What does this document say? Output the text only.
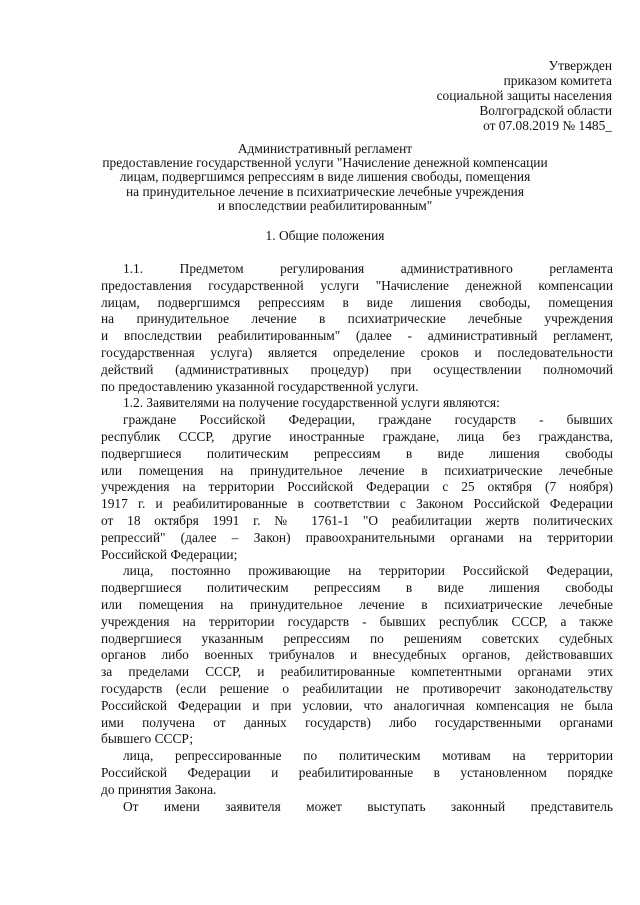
Утвержден
приказом комитета
социальной защиты населения
Волгоградской области
от 07.08.2019 № 1485_
Административный регламент
предоставление государственной услуги "Начисление денежной компенсации
лицам, подвергшимся репрессиям в виде лишения свободы, помещения
на принудительное лечение в психиатрические лечебные учреждения
и впоследствии реабилитированным"
1. Общие положения
1.1. Предметом регулирования административного регламента
предоставления государственной услуги "Начисление денежной компенсации
лицам, подвергшимся репрессиям в виде лишения свободы, помещения
на принудительное лечение в психиатрические лечебные учреждения
и впоследствии реабилитированным" (далее - административный регламент,
государственная услуга) является определение сроков и последовательности
действий (административных процедур) при осуществлении полномочий
по предоставлению указанной государственной услуги.
1.2. Заявителями на получение государственной услуги являются:
граждане Российской Федерации, граждане государств - бывших
республик СССР, другие иностранные граждане, лица без гражданства,
подвергшиеся политическим репрессиям в виде лишения свободы
или помещения на принудительное лечение в психиатрические лечебные
учреждения на территории Российской Федерации с 25 октября (7 ноября)
1917 г. и реабилитированные в соответствии с Законом Российской Федерации
от 18 октября 1991 г. № 1761-1 "О реабилитации жертв политических
репрессий" (далее – Закон) правоохранительными органами на территории
Российской Федерации;
лица, постоянно проживающие на территории Российской Федерации,
подвергшиеся политическим репрессиям в виде лишения свободы
или помещения на принудительное лечение в психиатрические лечебные
учреждения на территории государств - бывших республик СССР, а также
подвергшиеся указанным репрессиям по решениям советских судебных
органов либо военных трибуналов и внесудебных органов, действовавших
за пределами СССР, и реабилитированные компетентными органами этих
государств (если решение о реабилитации не противоречит законодательству
Российской Федерации и при условии, что аналогичная компенсация не была
ими получена от данных государств) либо государственными органами
бывшего СССР;
лица, репрессированные по политическим мотивам на территории
Российской Федерации и реабилитированные в установленном порядке
до принятия Закона.
От имени заявителя может выступать законный представитель
